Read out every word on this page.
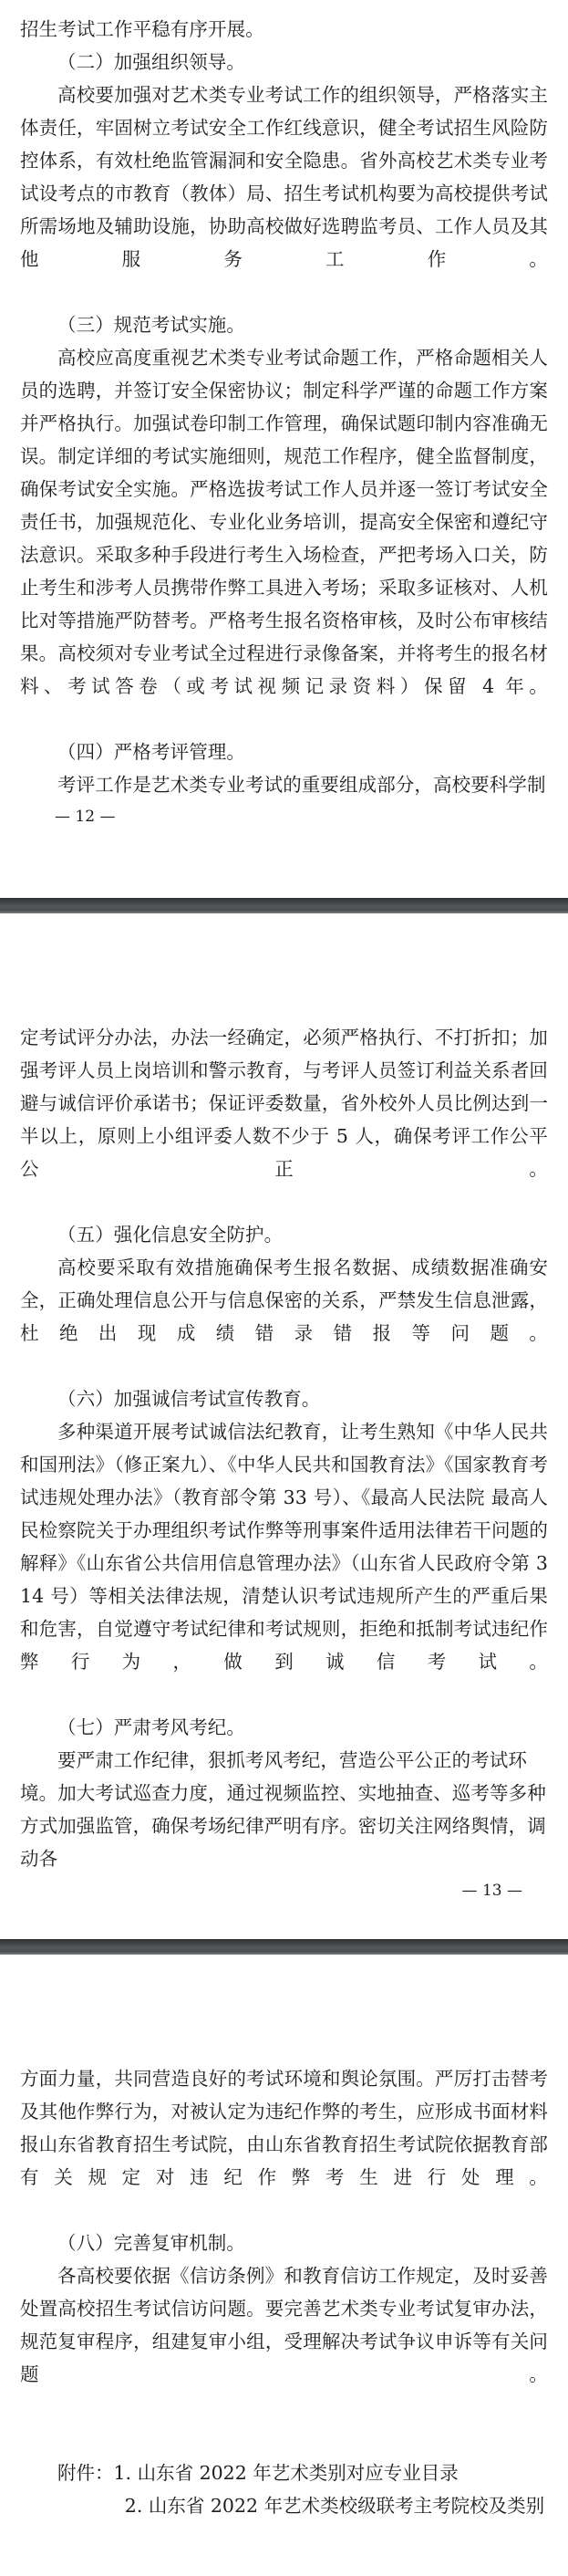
招生考试工作平稳有序开展。

（二）加强组织领导。

高校要加强对艺术类专业考试工作的组织领导，严格落实主体责任，牢固树立考试安全工作红线意识，健全考试招生风险防控体系，有效杜绝监管漏洞和安全隐患。省外高校艺术类专业考试设考点的市教育（教体）局、招生考试机构要为高校提供考试所需场地及辅助设施，协助高校做好选聘监考员、工作人员及其他服务工作。

（三）规范考试实施。

高校应高度重视艺术类专业考试命题工作，严格命题相关人员的选聘，并签订安全保密协议；制定科学严谨的命题工作方案并严格执行。加强试卷印制工作管理，确保试题印制内容准确无误。制定详细的考试实施细则，规范工作程序，健全监督制度，确保考试安全实施。严格选拔考试工作人员并逐一签订考试安全责任书，加强规范化、专业化业务培训，提高安全保密和遵纪守法意识。采取多种手段进行考生入场检查，严把考场入口关，防止考生和涉考人员携带作弊工具进入考场；采取多证核对、人机比对等措施严防替考。严格考生报名资格审核，及时公布审核结果。高校须对专业考试全过程进行录像备案，并将考生的报名材料、考试答卷（或考试视频记录资料）保留 4 年。

（四）严格考评管理。

考评工作是艺术类专业考试的重要组成部分，高校要科学制

— 12 —

定考试评分办法，办法一经确定，必须严格执行、不打折扣；加强考评人员上岗培训和警示教育，与考评人员签订利益关系者回避与诚信评价承诺书；保证评委数量，省外校外人员比例达到一半以上，原则上小组评委人数不少于 5 人，确保考评工作公平公正。

（五）强化信息安全防护。

高校要采取有效措施确保考生报名数据、成绩数据准确安全，正确处理信息公开与信息保密的关系，严禁发生信息泄露，杜绝出现成绩错录错报等问题。

（六）加强诚信考试宣传教育。

多种渠道开展考试诚信法纪教育，让考生熟知《中华人民共和国刑法》（修正案九）、《中华人民共和国教育法》《国家教育考试违规处理办法》（教育部令第 33 号）、《最高人民法院 最高人民检察院关于办理组织考试作弊等刑事案件适用法律若干问题的解释》《山东省公共信用信息管理办法》（山东省人民政府令第 314 号）等相关法律法规，清楚认识考试违规所产生的严重后果和危害，自觉遵守考试纪律和考试规则，拒绝和抵制考试违纪作弊行为，做到诚信考试。

（七）严肃考风考纪。

要严肃工作纪律，狠抓考风考纪，营造公平公正的考试环境。加大考试巡查力度，通过视频监控、实地抽查、巡考等多种方式加强监管，确保考场纪律严明有序。密切关注网络舆情，调动各

— 13 —

方面力量，共同营造良好的考试环境和舆论氛围。严厉打击替考及其他作弊行为，对被认定为违纪作弊的考生，应形成书面材料报山东省教育招生考试院，由山东省教育招生考试院依据教育部有关规定对违纪作弊考生进行处理。

（八）完善复审机制。

各高校要依据《信访条例》和教育信访工作规定，及时妥善处置高校招生考试信访问题。要完善艺术类专业考试复审办法，规范复审程序，组建复审小组，受理解决考试争议申诉等有关问题。

附件：1. 山东省 2022 年艺术类别对应专业目录
2. 山东省 2022 年艺术类校级联考主考院校及类别
